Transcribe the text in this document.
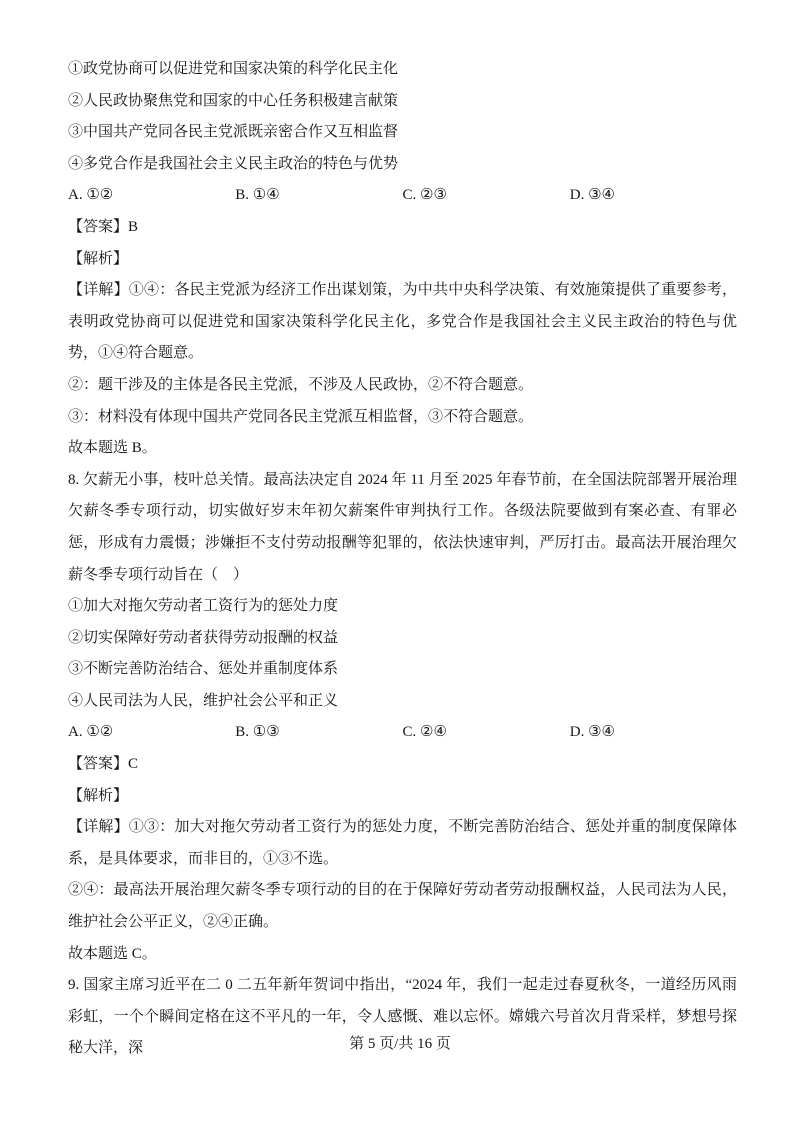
①政党协商可以促进党和国家决策的科学化民主化

②人民政协聚焦党和国家的中心任务积极建言献策

③中国共产党同各民主党派既亲密合作又互相监督

④多党合作是我国社会主义民主政治的特色与优势

A. ①②	B. ①④	C. ②③	D. ③④

【答案】B

【解析】

【详解】①④：各民主党派为经济工作出谋划策，为中共中央科学决策、有效施策提供了重要参考，表明政党协商可以促进党和国家决策科学化民主化，多党合作是我国社会主义民主政治的特色与优势，①④符合题意。

②：题干涉及的主体是各民主党派，不涉及人民政协，②不符合题意。

③：材料没有体现中国共产党同各民主党派互相监督，③不符合题意。

故本题选 B。

8. 欠薪无小事，枝叶总关情。最高法决定自 2024 年 11 月至 2025 年春节前，在全国法院部署开展治理欠薪冬季专项行动，切实做好岁末年初欠薪案件审判执行工作。各级法院要做到有案必查、有罪必惩，形成有力震慑；涉嫌拒不支付劳动报酬等犯罪的，依法快速审判，严厉打击。最高法开展治理欠薪冬季专项行动旨在（　）

①加大对拖欠劳动者工资行为的惩处力度

②切实保障好劳动者获得劳动报酬的权益

③不断完善防治结合、惩处并重制度体系

④人民司法为人民，维护社会公平和正义

A. ①②	B. ①③	C. ②④	D. ③④

【答案】C

【解析】

【详解】①③：加大对拖欠劳动者工资行为的惩处力度，不断完善防治结合、惩处并重的制度保障体系，是具体要求，而非目的，①③不选。

②④：最高法开展治理欠薪冬季专项行动的目的在于保障好劳动者劳动报酬权益，人民司法为人民，维护社会公平正义，②④正确。

故本题选 C。

9. 国家主席习近平在二 0 二五年新年贺词中指出，“2024 年，我们一起走过春夏秋冬，一道经历风雨彩虹，一个个瞬间定格在这不平凡的一年，令人感慨、难以忘怀。嫦娥六号首次月背采样，梦想号探秘大洋，深	第 5 页/共 16 页
